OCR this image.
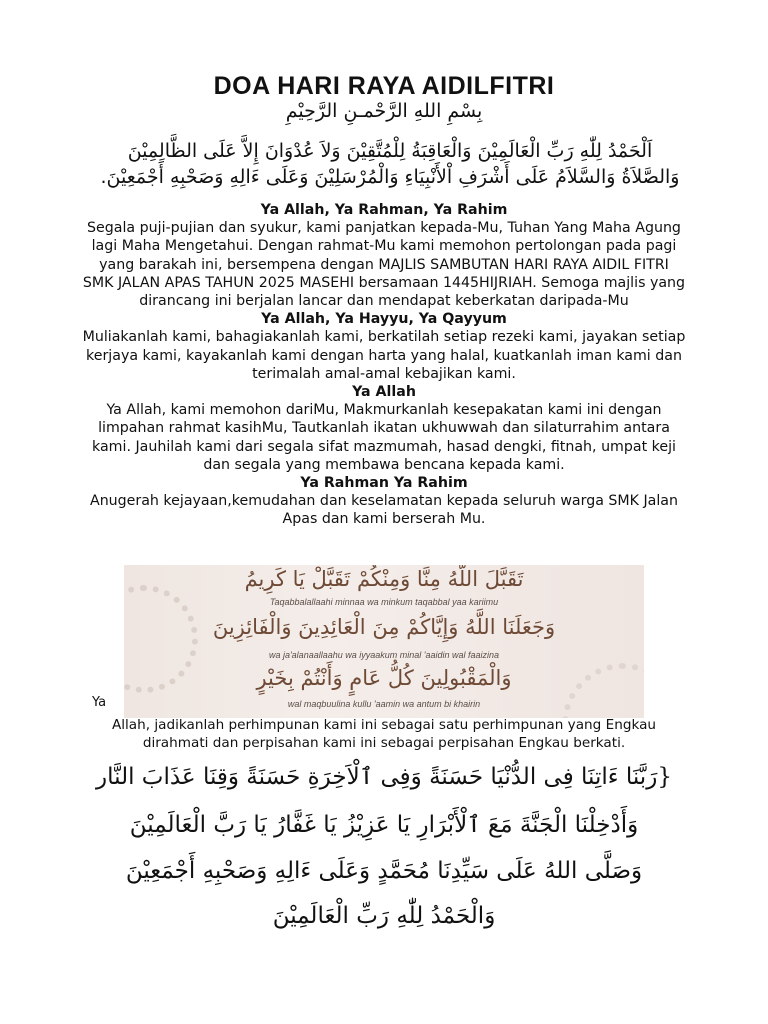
DOA HARI RAYA AIDILFITRI
بِسْمِ اللهِ الرَّحْمـنِ الرَّحِيْمِ
اَلْحَمْدُ لِلّٰهِ رَبِّ الْعَالَمِيْنَ وَالْعَاقِبَةُ لِلْمُتَّقِيْنَ وَلاَ عُدْوَانَ إِلاَّ عَلَى الظَّالِمِيْنَ وَالصَّلاَةُ وَالسَّلاَمُ عَلَى أَشْرَفِ اْلأَنْبِيَاءِ وَالْمُرْسَلِيْنَ وَعَلَى ءَالِهِ وَصَحْبِهِ أَجْمَعِيْنَ.
Ya Allah, Ya Rahman, Ya Rahim
Segala puji-pujian dan syukur, kami panjatkan kepada-Mu, Tuhan Yang Maha Agung lagi Maha Mengetahui. Dengan rahmat-Mu kami memohon pertolongan pada pagi yang barakah ini, bersempena dengan MAJLIS SAMBUTAN HARI RAYA AIDIL FITRI SMK JALAN APAS TAHUN 2025 MASEHI bersamaan 1445HIJRIAH. Semoga majlis yang dirancang ini berjalan lancar dan mendapat keberkatan daripada-Mu
Ya Allah, Ya Hayyu, Ya Qayyum
Muliakanlah kami, bahagiakanlah kami, berkatilah setiap rezeki kami, jayakan setiap kerjaya kami, kayakanlah kami dengan harta yang halal, kuatkanlah iman kami dan terimalah amal-amal kebajikan kami.
Ya Allah
Ya Allah, kami memohon dariMu, Makmurkanlah kesepakatan kami ini dengan limpahan rahmat kasihMu, Tautkanlah ikatan ukhuwwah dan silaturrahim antara kami. Jauhilah kami dari segala sifat mazmumah, hasad dengki, fitnah, umpat keji dan segala yang membawa bencana kepada kami.
Ya Rahman Ya Rahim
Anugerah kejayaan,kemudahan dan keselamatan kepada seluruh warga SMK Jalan Apas dan kami berserah Mu.
تَقَبَّلَ اللَّهُ مِنَّا وَمِنْكُمْ تَقَبَّلْ يَا كَرِيمُ
Taqabbalallaahi minnaa wa minkum taqabbal yaa kariimu
وَجَعَلَنَا اللَّهُ وَإِيَّاكُمْ مِنَ الْعَائِدِينَ وَالْفَائِزِينَ
wa ja'alanaallaahu wa iyyaakum minal 'aaidin wal faaizina
وَالْمَقْبُولِينَ كُلُّ عَامٍ وَأَنْتُمْ بِخَيْرٍ
wal maqbuulina kullu 'aamin wa antum bi khairin
Ya
Allah, jadikanlah perhimpunan kami ini sebagai satu perhimpunan yang Engkau dirahmati dan perpisahan kami ini sebagai perpisahan Engkau berkati.
{رَبَّنَا ءَاتِنَا فِى الدُّنْيَا حَسَنَةً وَفِى ٱلْاَخِرَةِ حَسَنَةً وَقِنَا عَذَابَ النَّار
وَأَدْخِلْنَا الْجَنَّةَ مَعَ ٱلْأَبْرَارِ يَا عَزِيْزُ يَا غَفَّارُ يَا رَبَّ الْعَالَمِيْنَ
وَصَلَّى اللهُ عَلَى سَيِّدِنَا مُحَمَّدٍ وَعَلَى ءَالِهِ وَصَحْبِهِ أَجْمَعِيْنَ
وَالْحَمْدُ لِلّٰهِ رَبِّ الْعَالَمِيْنَ
